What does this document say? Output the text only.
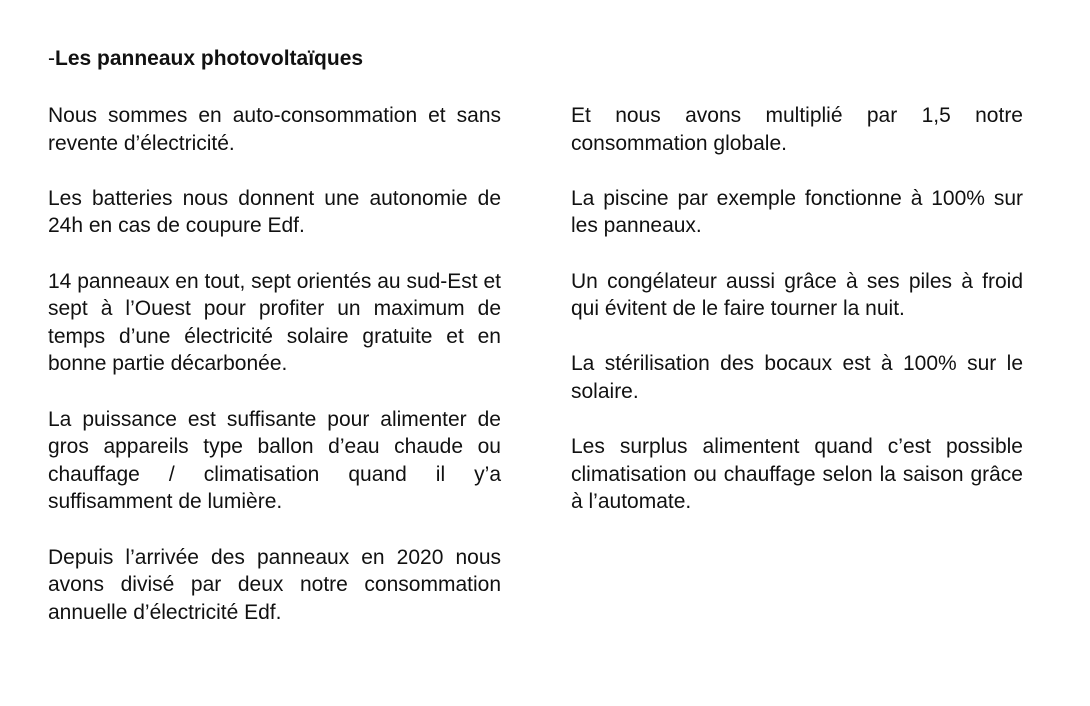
-Les panneaux photovoltaïques

Nous sommes en auto-consommation et sans revente d’électricité.

Les batteries nous donnent une autonomie de 24h en cas de coupure Edf.

14 panneaux en tout, sept orientés au sud-Est et sept à l’Ouest pour profiter un maximum de temps d’une électricité solaire gratuite et en bonne partie décarbonée.

La puissance est suffisante pour alimenter de gros appareils type ballon d’eau chaude ou chauffage / climatisation quand il y’a suffisamment de lumière.

Depuis l’arrivée des panneaux en 2020 nous avons divisé par deux notre consommation annuelle d’électricité Edf.

Et nous avons multiplié par 1,5 notre consommation globale.

La piscine par exemple fonctionne à 100% sur les panneaux.

Un congélateur aussi grâce à ses piles à froid qui évitent de le faire tourner la nuit.

La stérilisation des bocaux est à 100% sur le solaire.

Les surplus alimentent quand c’est possible climatisation ou chauffage selon la saison grâce à l’automate.
